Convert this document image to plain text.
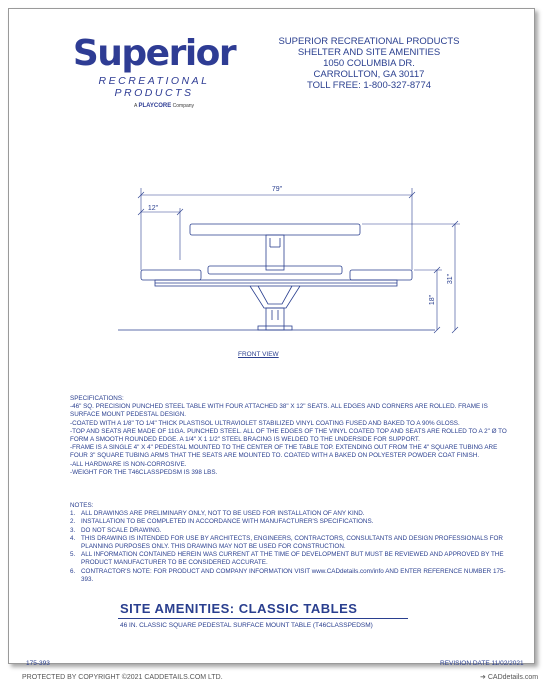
Superior
RECREATIONAL PRODUCTS
A PLAYCORE Company
SUPERIOR RECREATIONAL PRODUCTS
SHELTER AND SITE AMENITIES
1050 COLUMBIA DR.
CARROLLTON, GA 30117
TOLL FREE: 1-800-327-8774
79"
12"
31"
18"
FRONT VIEW

SPECIFICATIONS:

-46" SQ. PRECISION PUNCHED STEEL TABLE WITH FOUR ATTACHED 38" X 12" SEATS. ALL EDGES AND CORNERS ARE ROLLED. FRAME IS SURFACE MOUNT PEDESTAL DESIGN.

-COATED WITH A 1/8" TO 1/4" THICK PLASTISOL ULTRAVIOLET STABILIZED VINYL COATING FUSED AND BAKED TO A 90% GLOSS.

-TOP AND SEATS ARE MADE OF 11GA. PUNCHED STEEL. ALL OF THE EDGES OF THE VINYL COATED TOP AND SEATS ARE ROLLED TO A 2" Ø TO FORM A SMOOTH ROUNDED EDGE. A 1/4" X 1 1/2" STEEL BRACING IS WELDED TO THE UNDERSIDE FOR SUPPORT.

-FRAME IS A SINGLE 4" X 4" PEDESTAL MOUNTED TO THE CENTER OF THE TABLE TOP. EXTENDING OUT FROM THE 4" SQUARE TUBING ARE FOUR 3" SQUARE TUBING ARMS THAT THE SEATS ARE MOUNTED TO. COATED WITH A BAKED ON POLYESTER POWDER COAT FINISH.

-ALL HARDWARE IS NON-CORROSIVE.

-WEIGHT FOR THE T46CLASSPEDSM IS 398 LBS.

NOTES:

1. ALL DRAWINGS ARE PRELIMINARY ONLY, NOT TO BE USED FOR INSTALLATION OF ANY KIND.
2. INSTALLATION TO BE COMPLETED IN ACCORDANCE WITH MANUFACTURER'S SPECIFICATIONS.
3. DO NOT SCALE DRAWING.
4. THIS DRAWING IS INTENDED FOR USE BY ARCHITECTS, ENGINEERS, CONTRACTORS, CONSULTANTS AND DESIGN PROFESSIONALS FOR PLANNING PURPOSES ONLY. THIS DRAWING MAY NOT BE USED FOR CONSTRUCTION.
5. ALL INFORMATION CONTAINED HEREIN WAS CURRENT AT THE TIME OF DEVELOPMENT BUT MUST BE REVIEWED AND APPROVED BY THE PRODUCT MANUFACTURER TO BE CONSIDERED ACCURATE.
6. CONTRACTOR'S NOTE: FOR PRODUCT AND COMPANY INFORMATION VISIT www.CADdetails.com/info AND ENTER REFERENCE NUMBER 175-393.
SITE AMENITIES: CLASSIC TABLES
46 IN. CLASSIC SQUARE PEDESTAL SURFACE MOUNT TABLE (T46CLASSPEDSM)
175-393	REVISION DATE 11/02/2021
PROTECTED BY COPYRIGHT ©2021 CADDETAILS.COM LTD.	➜ CADdetails.com
